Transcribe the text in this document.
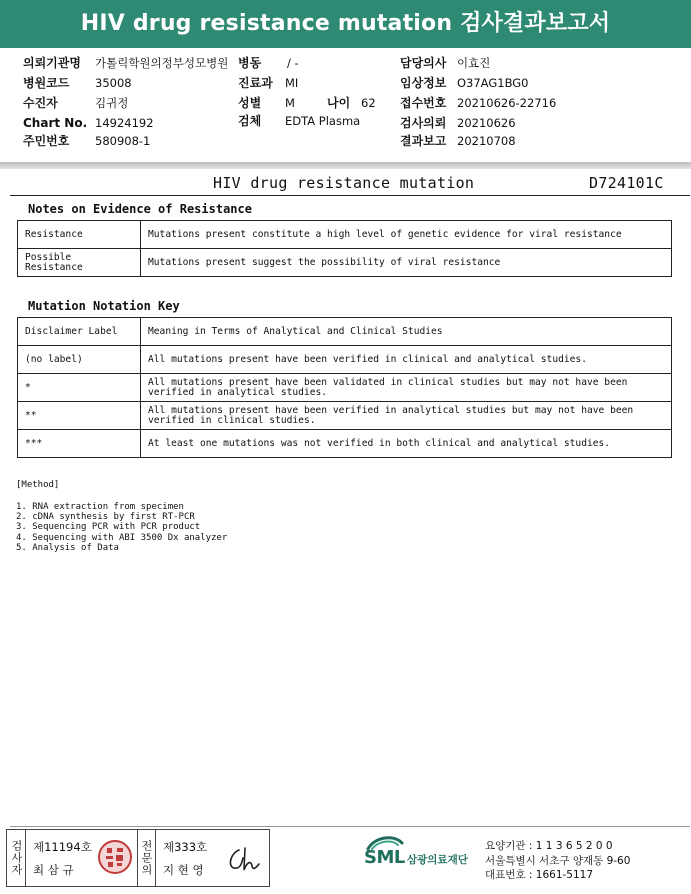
HIV drug resistance mutation 검사결과보고서
의뢰기관명 가톨릭학원의정부성모병원 병동 / -	담당의사 이효진
병원코드 35008	진료과 MI	임상정보 O37AG1BG0
수진자	김귀정	성별 M	나이 62 접수번호 20210626-22716
Chart No. 14924192	검체 EDTA Plasma	검사의뢰 20210626
주민번호 580908-1	결과보고 20210708
HIV drug resistance mutation	D724101C
Notes on Evidence of Resistance
Resistance	Mutations present constitute a high level of genetic evidence for viral resistance
Possible Resistance	Mutations present suggest the possibility of viral resistance
Mutation Notation Key
Disclaimer Label	Meaning in Terms of Analytical and Clinical Studies
(no label)	All mutations present have been verified in clinical and analytical studies.
*	All mutations present have been validated in clinical studies but may not have been verified in analytical studies.
**	All mutations present have been verified in analytical studies but may not have been verified in clinical studies.
***	At least one mutations was not verified in both clinical and analytical studies.
[Method]
1. RNA extraction from specimen
2. cDNA synthesis by first RT-PCR
3. Sequencing PCR with PCR product
4. Sequencing with ABI 3500 Dx analyzer
5. Analysis of Data
검사자 제11194호
최 삼 규	전문의 제333호
지 현 영
SML 삼광의료재단
요양기관 : 1 1 3 6 5 2 0 0
서울특별시 서초구 양재동 9-60
대표번호 : 1661-5117
